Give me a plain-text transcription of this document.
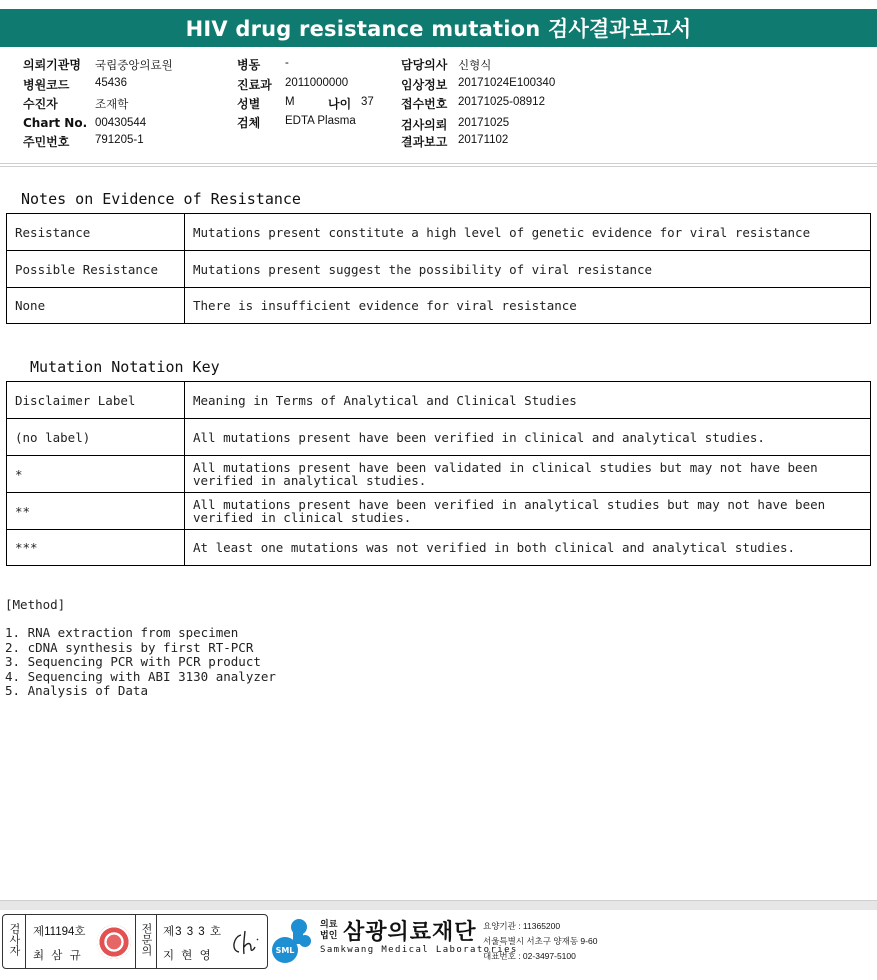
HIV drug resistance mutation 검사결과보고서
의뢰기관명 국립중앙의료원
병원코드 45436
수진자	조재학
Chart No. 00430544
주민번호 791205-1
병동 -
진료과 2011000000
성별 M	나이 37
검체 EDTA Plasma
담당의사 신형식
임상정보 20171024E100340
접수번호 20171025-08912
검사의뢰 20171025
결과보고 20171102
Notes on Evidence of Resistance
Resistance	Mutations present constitute a high level of genetic evidence for viral resistance
Possible Resistance	Mutations present suggest the possibility of viral resistance
None	There is insufficient evidence for viral resistance
Mutation Notation Key
Disclaimer Label	Meaning in Terms of Analytical and Clinical Studies
(no label)	All mutations present have been verified in clinical and analytical studies.
*	All mutations present have been validated in clinical studies but may not have been verified in analytical studies.
**	All mutations present have been verified in analytical studies but may not have been verified in clinical studies.
***	At least one mutations was not verified in both clinical and analytical studies.
[Method]
1. RNA extraction from specimen
2. cDNA synthesis by first RT-PCR
3. Sequencing PCR with PCR product
4. Sequencing with ABI 3130 analyzer
5. Analysis of Data
검사자 제11194호
최 삼 규	전문의 제3 3 3 호
지 현 영	SML
의료
법인 삼광의료재단
Samkwang Medical Laboratories
요양기관 : 11365200
서울특별시 서초구 양재동 9-60
대표번호 : 02-3497-5100
